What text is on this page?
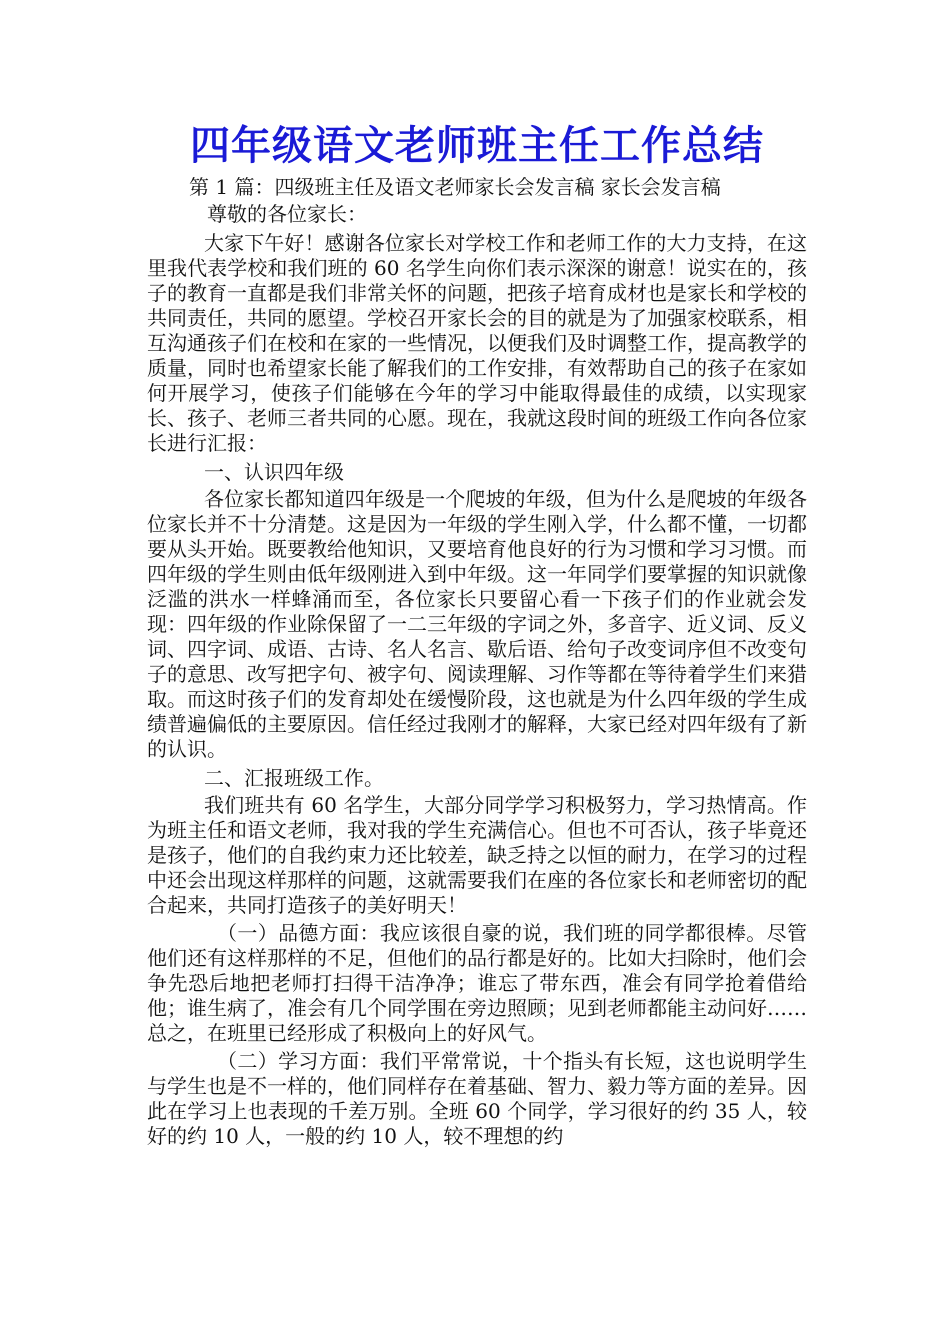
四年级语文老师班主任工作总结
第 1 篇：四级班主任及语文老师家长会发言稿 家长会发言稿
尊敬的各位家长：

大家下午好！感谢各位家长对学校工作和老师工作的大力支持，在这里我代表学校和我们班的 60 名学生向你们表示深深的谢意！说实在的，孩子的教育一直都是我们非常关怀的问题，把孩子培育成材也是家长和学校的共同责任，共同的愿望。学校召开家长会的目的就是为了加强家校联系，相互沟通孩子们在校和在家的一些情况，以便我们及时调整工作，提高教学的质量，同时也希望家长能了解我们的工作安排，有效帮助自己的孩子在家如何开展学习，使孩子们能够在今年的学习中能取得最佳的成绩，以实现家长、孩子、老师三者共同的心愿。现在，我就这段时间的班级工作向各位家长进行汇报：

一、认识四年级

各位家长都知道四年级是一个爬坡的年级，但为什么是爬坡的年级各位家长并不十分清楚。这是因为一年级的学生刚入学，什么都不懂，一切都要从头开始。既要教给他知识，又要培育他良好的行为习惯和学习习惯。而四年级的学生则由低年级刚进入到中年级。这一年同学们要掌握的知识就像泛滥的洪水一样蜂涌而至，各位家长只要留心看一下孩子们的作业就会发现：四年级的作业除保留了一二三年级的字词之外，多音字、近义词、反义词、四字词、成语、古诗、名人名言、歇后语、给句子改变词序但不改变句子的意思、改写把字句、被字句、阅读理解、习作等都在等待着学生们来猎取。而这时孩子们的发育却处在缓慢阶段，这也就是为什么四年级的学生成绩普遍偏低的主要原因。信任经过我刚才的解释，大家已经对四年级有了新的认识。

二、汇报班级工作。

我们班共有 60 名学生，大部分同学学习积极努力，学习热情高。作为班主任和语文老师，我对我的学生充满信心。但也不可否认，孩子毕竟还是孩子，他们的自我约束力还比较差，缺乏持之以恒的耐力，在学习的过程中还会出现这样那样的问题，这就需要我们在座的各位家长和老师密切的配合起来，共同打造孩子的美好明天！

（一）品德方面：我应该很自豪的说，我们班的同学都很棒。尽管他们还有这样那样的不足，但他们的品行都是好的。比如大扫除时，他们会争先恐后地把老师打扫得干洁净净；谁忘了带东西，准会有同学抢着借给他；谁生病了，准会有几个同学围在旁边照顾；见到老师都能主动问好……总之，在班里已经形成了积极向上的好风气。

（二）学习方面：我们平常常说，十个指头有长短，这也说明学生与学生也是不一样的，他们同样存在着基础、智力、毅力等方面的差异。因此在学习上也表现的千差万别。全班 60 个同学，学习很好的约 35 人，较好的约 10 人，一般的约 10 人，较不理想的约
